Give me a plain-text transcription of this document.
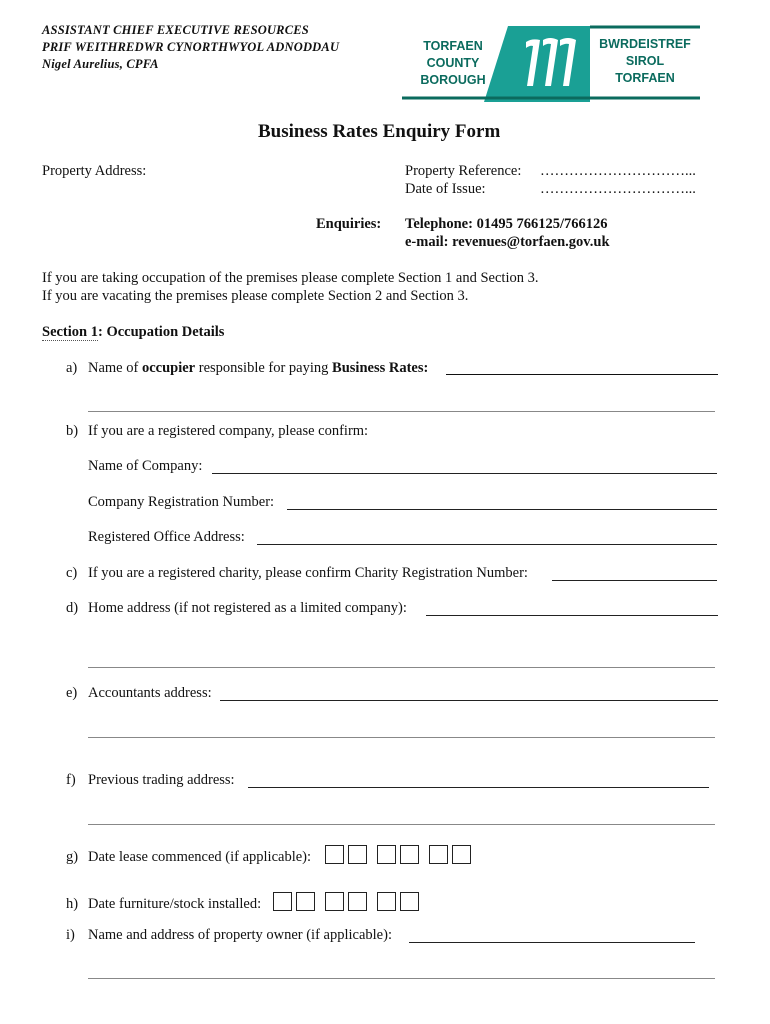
ASSISTANT CHIEF EXECUTIVE RESOURCES
PRIF WEITHREDWR CYNORTHWYOL ADNODDAU
Nigel Aurelius, CPFA
TORFAEN
COUNTY
BOROUGH
BWRDEISTREF
SIROL
TORFAEN
Business Rates Enquiry Form
Property Address:	Property Reference: …………………………...
Date of Issue:	…………………………...
Enquiries: Telephone: 01495 766125/766126
e-mail: revenues@torfaen.gov.uk
If you are taking occupation of the premises please complete Section 1 and Section 3.
If you are vacating the premises please complete Section 2 and Section 3.
Section 1: Occupation Details
a) Name of occupier responsible for paying Business Rates:
b) If you are a registered company, please confirm:
Name of Company:
Company Registration Number:
Registered Office Address:
c) If you are a registered charity, please confirm Charity Registration Number:
d) Home address (if not registered as a limited company):
e) Accountants address:
f) Previous trading address:
g) Date lease commenced (if applicable):
h) Date furniture/stock installed:
i) Name and address of property owner (if applicable):
